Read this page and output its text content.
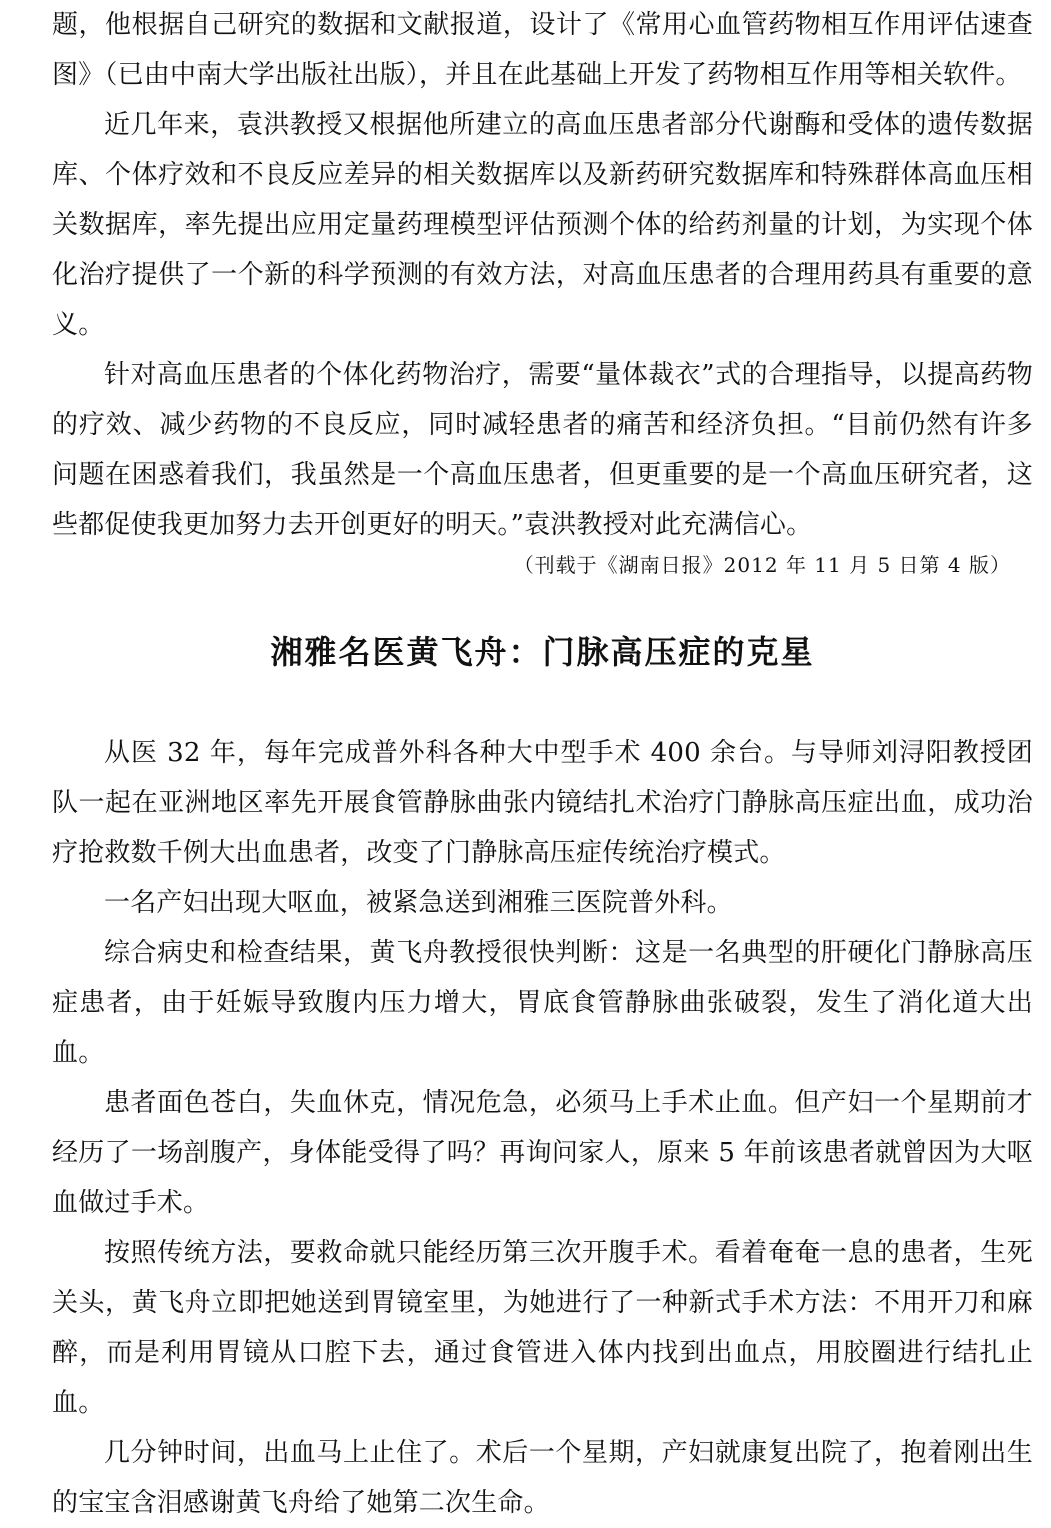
题，他根据自己研究的数据和文献报道，设计了《常用心血管药物相互作用评估速查图》（已由中南大学出版社出版），并且在此基础上开发了药物相互作用等相关软件。

近几年来，袁洪教授又根据他所建立的高血压患者部分代谢酶和受体的遗传数据库、个体疗效和不良反应差异的相关数据库以及新药研究数据库和特殊群体高血压相关数据库，率先提出应用定量药理模型评估预测个体的给药剂量的计划，为实现个体化治疗提供了一个新的科学预测的有效方法，对高血压患者的合理用药具有重要的意义。

针对高血压患者的个体化药物治疗，需要“量体裁衣”式的合理指导，以提高药物的疗效、减少药物的不良反应，同时减轻患者的痛苦和经济负担。“目前仍然有许多问题在困惑着我们，我虽然是一个高血压患者，但更重要的是一个高血压研究者，这些都促使我更加努力去开创更好的明天。”袁洪教授对此充满信心。

（刊载于《湖南日报》2012 年 11 月 5 日第 4 版）

湘雅名医黄飞舟：门脉高压症的克星

从医 32 年，每年完成普外科各种大中型手术 400 余台。与导师刘浔阳教授团队一起在亚洲地区率先开展食管静脉曲张内镜结扎术治疗门静脉高压症出血，成功治疗抢救数千例大出血患者，改变了门静脉高压症传统治疗模式。

一名产妇出现大呕血，被紧急送到湘雅三医院普外科。

综合病史和检查结果，黄飞舟教授很快判断：这是一名典型的肝硬化门静脉高压症患者，由于妊娠导致腹内压力增大，胃底食管静脉曲张破裂，发生了消化道大出血。

患者面色苍白，失血休克，情况危急，必须马上手术止血。但产妇一个星期前才经历了一场剖腹产，身体能受得了吗？再询问家人，原来 5 年前该患者就曾因为大呕血做过手术。

按照传统方法，要救命就只能经历第三次开腹手术。看着奄奄一息的患者，生死关头，黄飞舟立即把她送到胃镜室里，为她进行了一种新式手术方法：不用开刀和麻醉，而是利用胃镜从口腔下去，通过食管进入体内找到出血点，用胶圈进行结扎止血。

几分钟时间，出血马上止住了。术后一个星期，产妇就康复出院了，抱着刚出生的宝宝含泪感谢黄飞舟给了她第二次生命。
